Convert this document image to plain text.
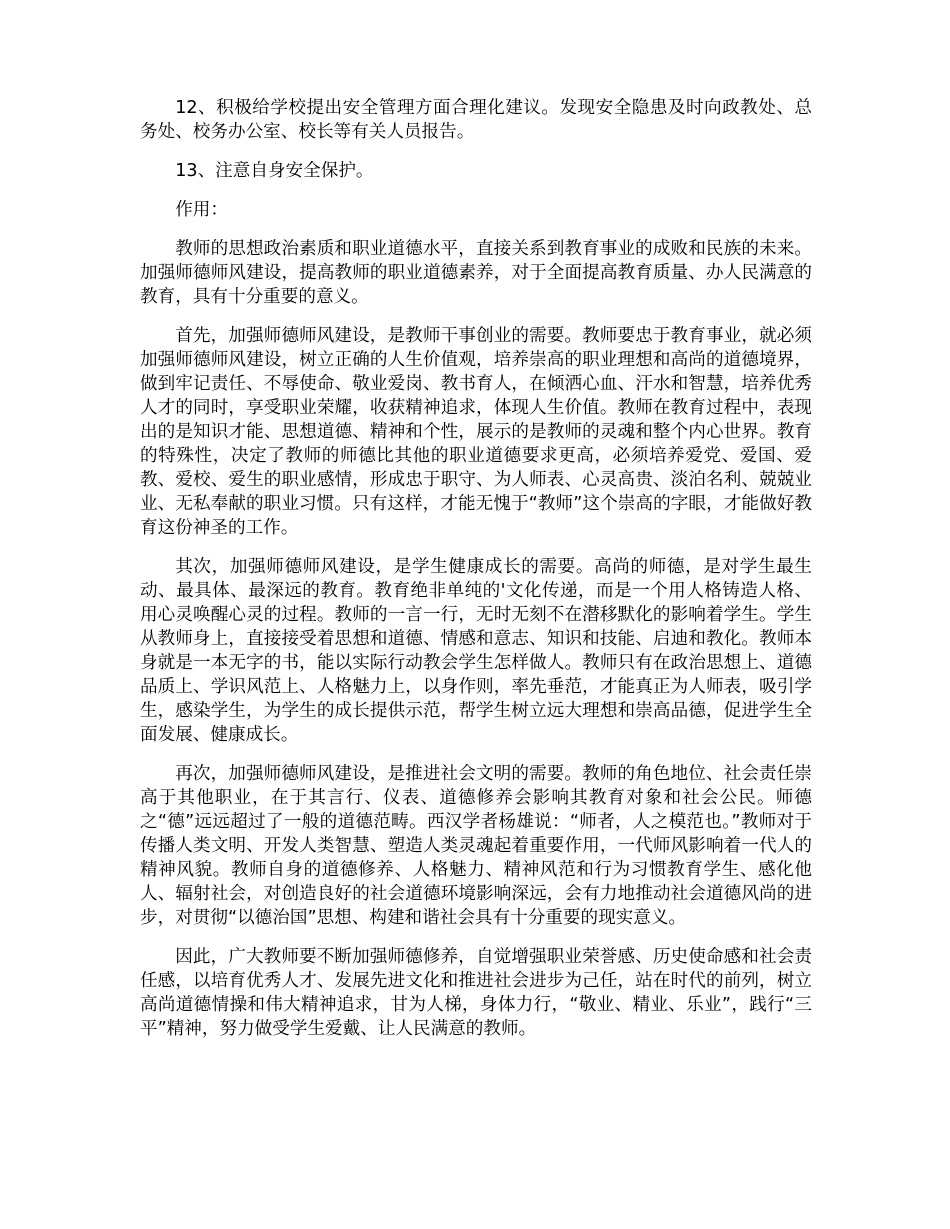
12、积极给学校提出安全管理方面合理化建议。发现安全隐患及时向政教处、总务处、校务办公室、校长等有关人员报告。

13、注意自身安全保护。

作用：

教师的思想政治素质和职业道德水平，直接关系到教育事业的成败和民族的未来。加强师德师风建设，提高教师的职业道德素养，对于全面提高教育质量、办人民满意的教育，具有十分重要的意义。

首先，加强师德师风建设，是教师干事创业的需要。教师要忠于教育事业，就必须加强师德师风建设，树立正确的人生价值观，培养崇高的职业理想和高尚的道德境界，做到牢记责任、不辱使命、敬业爱岗、教书育人，在倾洒心血、汗水和智慧，培养优秀人才的同时，享受职业荣耀，收获精神追求，体现人生价值。教师在教育过程中，表现出的是知识才能、思想道德、精神和个性，展示的是教师的灵魂和整个内心世界。教育的特殊性，决定了教师的师德比其他的职业道德要求更高，必须培养爱党、爱国、爱教、爱校、爱生的职业感情，形成忠于职守、为人师表、心灵高贵、淡泊名利、兢兢业业、无私奉献的职业习惯。只有这样，才能无愧于“教师”这个崇高的字眼，才能做好教育这份神圣的工作。

其次，加强师德师风建设，是学生健康成长的需要。高尚的师德，是对学生最生动、最具体、最深远的教育。教育绝非单纯的'文化传递，而是一个用人格铸造人格、用心灵唤醒心灵的过程。教师的一言一行，无时无刻不在潜移默化的影响着学生。学生从教师身上，直接接受着思想和道德、情感和意志、知识和技能、启迪和教化。教师本身就是一本无字的书，能以实际行动教会学生怎样做人。教师只有在政治思想上、道德品质上、学识风范上、人格魅力上，以身作则，率先垂范，才能真正为人师表，吸引学生，感染学生，为学生的成长提供示范，帮学生树立远大理想和崇高品德，促进学生全面发展、健康成长。

再次，加强师德师风建设，是推进社会文明的需要。教师的角色地位、社会责任崇高于其他职业，在于其言行、仪表、道德修养会影响其教育对象和社会公民。师德之“德”远远超过了一般的道德范畴。西汉学者杨雄说：“师者，人之模范也。”教师对于传播人类文明、开发人类智慧、塑造人类灵魂起着重要作用，一代师风影响着一代人的精神风貌。教师自身的道德修养、人格魅力、精神风范和行为习惯教育学生、感化他人、辐射社会，对创造良好的社会道德环境影响深远，会有力地推动社会道德风尚的进步，对贯彻“以德治国”思想、构建和谐社会具有十分重要的现实意义。

因此，广大教师要不断加强师德修养，自觉增强职业荣誉感、历史使命感和社会责任感，以培育优秀人才、发展先进文化和推进社会进步为己任，站在时代的前列，树立高尚道德情操和伟大精神追求，甘为人梯，身体力行，“敬业、精业、乐业”，践行“三平”精神，努力做受学生爱戴、让人民满意的教师。
